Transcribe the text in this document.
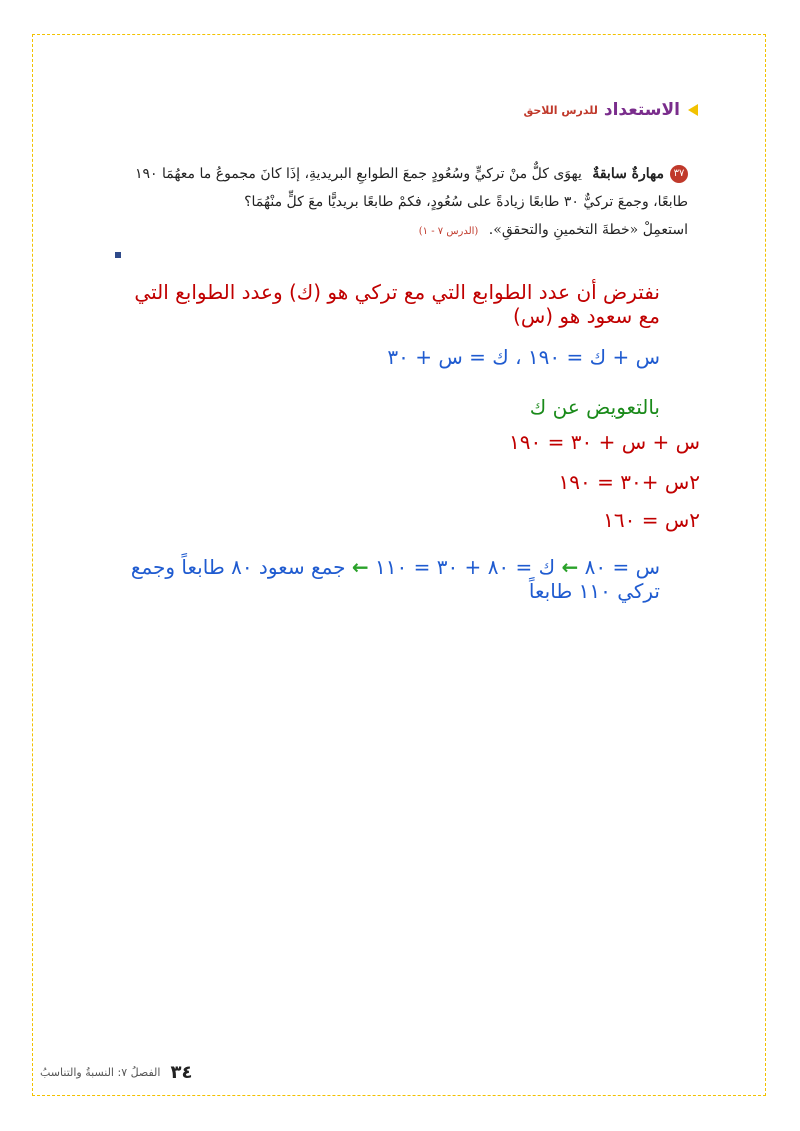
الاستعداد
للدرس اللاحق
٣٧مهارةٌ سابقةٌ يهوَى كلٌّ منْ تركيٍّ وسُعُودٍ جمعَ الطوابعِ البريديةِ، إذَا كانَ مجموعُ ما معهُمَا ١٩٠ طابعًا، وجمعَ تركيٌّ ٣٠ طابعًا زيادةً على سُعُودٍ، فكمْ طابعًا بريديًّا معَ كلٍّ منْهُمَا؟
استعمِلْ «خطةَ التخمينِ والتحققِ». (الدرس ٧ - ١)
نفترض أن عدد الطوابع التي مع تركي هو (ك) وعدد الطوابع التي مع سعود هو (س)
س + ك = ١٩٠ ، ك = س + ٣٠
بالتعويض عن ك
س + س + ٣٠ = ١٩٠
٢س +٣٠ = ١٩٠
٢س = ١٦٠
س = ٨٠ ← ك = ٨٠ + ٣٠ = ١١٠ ← جمع سعود ٨٠ طابعاً وجمع تركي ١١٠ طابعاً
الفصلُ ٧: النسبةُ والتناسبُ ٣٤
